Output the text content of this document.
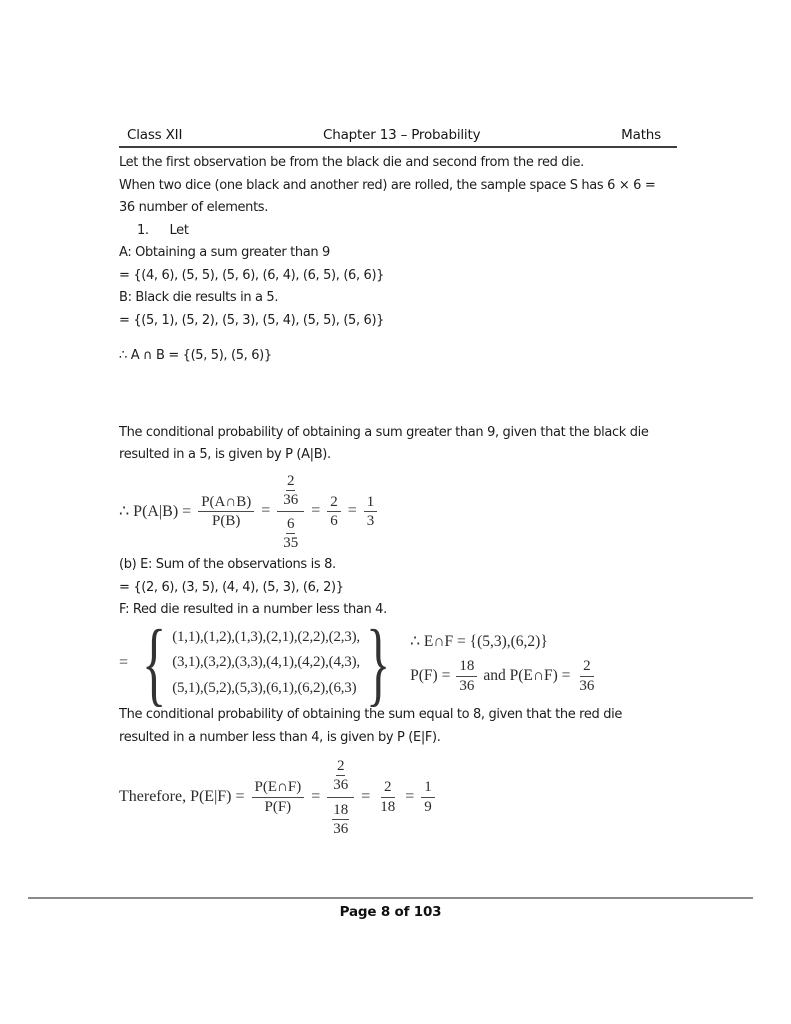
Class XII	Chapter 13 – Probability	Maths
Let the first observation be from the black die and second from the red die.
When two dice (one black and another red) are rolled, the sample space S has 6 × 6 =
36 number of elements.
1. Let
A: Obtaining a sum greater than 9
= {(4, 6), (5, 5), (5, 6), (6, 4), (6, 5), (6, 6)}
B: Black die results in a 5.
= {(5, 1), (5, 2), (5, 3), (5, 4), (5, 5), (5, 6)}
∴ A ∩ B = {(5, 5), (5, 6)}
The conditional probability of obtaining a sum greater than 9, given that the black die
resulted in a 5, is given by P (A|B).
∴ $P(A|B) = \frac{P(A\cap B)}{P(B)} = \frac{\frac{2}{36}}{\frac{6}{35}} = \frac{2}{6} = \frac{1}{3}$
(b) E: Sum of the observations is 8.
= {(2, 6), (3, 5), (4, 4), (5, 3), (6, 2)}
F: Red die resulted in a number less than 4.
= { (1,1),(1,2),(1,3),(2,1),(2,2),(2,3),
(3,1),(3,2),(3,3),(4,1),(4,2),(4,3),
(5,1),(5,2),(5,3),(6,1),(6,2),(6,3) } ∴ E∩F = {(5,3),(6,2)}
$P(F) = \frac{18}{36}$ and P(E∩F) = $\frac{2}{36}$
The conditional probability of obtaining the sum equal to 8, given that the red die
resulted in a number less than 4, is given by P (E|F).
Therefore, $P(E|F) = \frac{P(E\cap F)}{P(F)} = \frac{\frac{2}{36}}{\frac{18}{36}} = \frac{2}{18} = \frac{1}{9}$
Page 8 of 103
